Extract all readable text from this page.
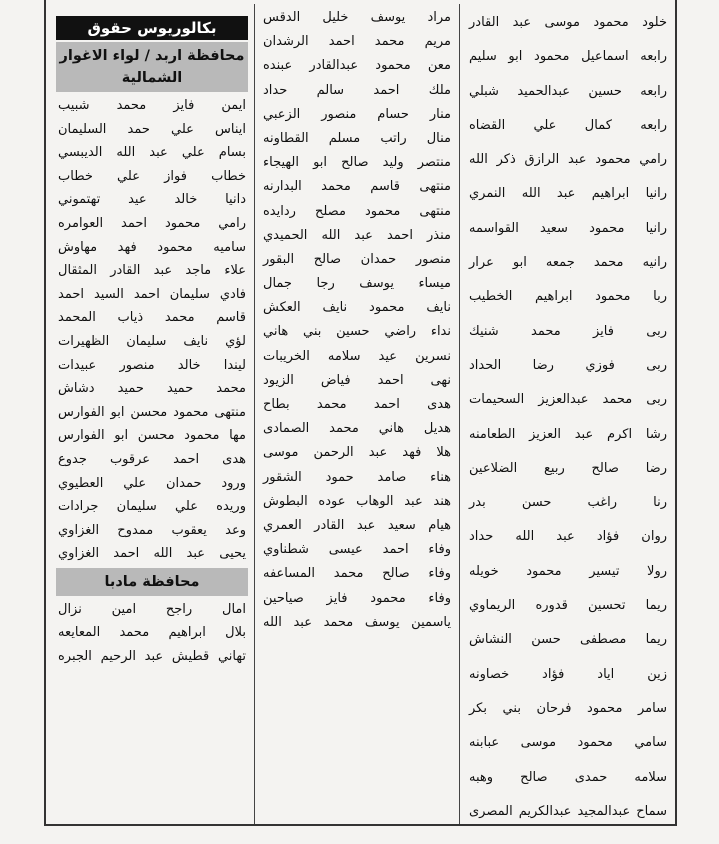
خلود محمود موسى عبد القادر
رابعه اسماعيل محمود ابو سليم
رابعه حسين عبدالحميد شبلي
رابعه كمال علي القضاه
رامي محمود عبد الرازق ذكر الله
رانيا ابراهيم عبد الله النمري
رانيا محمود سعيد القواسمه
رانيه محمد جمعه ابو عرار
ربا محمود ابراهيم الخطيب
ربى فايز محمد شنيك
ربى فوزي رضا الحداد
ربى محمد عبدالعزيز السحيمات
رشا اكرم عبد العزيز الطعامنه
رضا صالح ربيع الضلاعين
رنا راغب حسن بدر
روان فؤاد عبد الله حداد
رولا تيسير محمود خويله
ريما تحسين قدوره الريماوي
ريما مصطفى حسن النشاش
زين اياد فؤاد خصاونه
سامر محمود فرحان بني بكر
سامي محمود موسى عبابنه
سلامه حمدى صالح وهبه
سماح عبدالمجيد عبدالكريم المصرى
مراد يوسف خليل الدقس
مريم محمد احمد الرشدان
معن محمود عبدالقادر عبنده
ملك احمد سالم حداد
منار حسام منصور الزعبي
منال راتب مسلم القطاونه
منتصر وليد صالح ابو الهيجاء
منتهى قاسم محمد البدارنه
منتهى محمود مصلح ردايده
منذر احمد عبد الله الحميدي
منصور حمدان صالح البقور
ميساء يوسف رجا جمال
نايف محمود نايف العكش
نداء راضي حسين بني هاني
نسرين عيد سلامه الخريبات
نهى احمد فياض الزيود
هدى احمد محمد بطاح
هديل هاني محمد الصمادى
هلا فهد عبد الرحمن موسى
هناء صامد حمود الشقور
هند عبد الوهاب عوده البطوش
هيام سعيد عبد القادر العمري
وفاء احمد عيسى شطناوي
وفاء صالح محمد المساعفه
وفاء محمود فايز صياحين
ياسمين يوسف محمد عبد الله
بكالوريوس حقوق
محافظة اربد / لواء الاغوار الشمالية
ايمن فايز محمد شبيب
ايناس علي حمد السليمان
بسام علي عبد الله الديبسي
خطاب فواز علي خطاب
دانيا خالد عيد تهتموني
رامي محمود احمد العوامره
ساميه محمود فهد مهاوش
علاء ماجد عبد القادر المثقال
فادي سليمان احمد السيد احمد
قاسم محمد ذياب المحمد
لؤي نايف سليمان الظهيرات
ليندا خالد منصور عبيدات
محمد حميد حميد دشاش
منتهى محمود محسن ابو الفوارس
مها محمود محسن ابو الفوارس
هدى احمد عرقوب جدوع
ورود حمدان علي العطيوي
وريده علي سليمان جرادات
وعد يعقوب ممدوح الغزاوي
يحيى عبد الله احمد الغزاوي
محافظة مادبا
امال راجح امين نزال
بلال ابراهيم محمد المعايعه
تهاني قطيش عبد الرحيم الجبره
